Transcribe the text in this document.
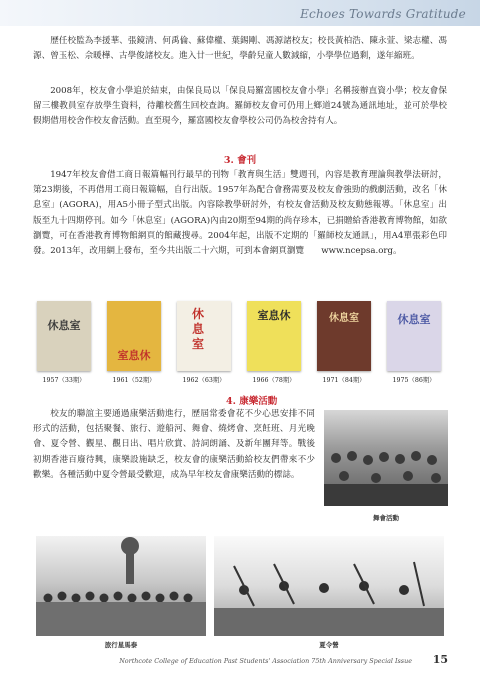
Echoes Towards Gratitude

歷任校監為李援華、張鏡清、何禹倫、蘇偉權、葉錫剛、馮源諸校友；校長黃柏浩、陳永萱、梁志權、馮源、曾玉松、佘暖樺、古學俊諸校友。進入廿一世紀，學齡兒童人數減縮，小學學位過剩，遂年縮班。

2008年，校友會小學追於結束，由保良局以「保良局羅富國校友會小學」名稱接辦直資小學；校友會保留三樓教員室存放學生資料，待離校舊生回校查詢。羅師校友會可仍用上鄉道24號為通訊地址，並可於學校假期借用校舍作校友會活動。直至現今，羅富國校友會學校公司仍為校舍持有人。

3. 會刊

1947年校友會借工商日報篇幅刊行最早的刊物「教育與生活」雙週刊，內容是教育理論與教學法研討，第23期後，不再借用工商日報篇幅，自行出版。1957年為配合會務需要及校友會強勁的戲劇活動，改名「休息室」(AGORA)，用A5小冊子型式出版。內容除教學研討外，有校友會活動及校友動態報導。「休息室」出版至九十四期停刊。如今「休息室」(AGORA)內由20期至94期的尚存珍本，已捐贈給香港教育博物館，如欲瀏覽，可在香港教育博物館網頁的館藏搜尋。2004年起，出版不定期的「羅師校友通訊」，用A4單張彩色印發。2013年，改用網上發布，至今共出版二十六期，可到本會網頁瀏覽　　www.ncepsa.org。

休息室
1957（33期）
室息休
1961（52期）
休息室
1962（63期）
室息休
1966（78期）
休息室
1971（84期）
休息室
1975（86期）
4. 康樂活動

校友的聯誼主要通過康樂活動進行，歷屆常委會花不少心思安排不同形式的活動，包括聚餐、旅行、遊船河、舞會、燒烤會、烹飪班、月光晚會、夏令營、觀星、觀日出、唱片欣賞、詩詞朗誦、及新年團拜等。戰後初期香港百廢待興，康樂設施缺乏，校友會的康樂活動給校友們帶來不少歡樂。各種活動中夏令營最受歡迎，成為早年校友會康樂活動的標誌。

舞會活動
旅行星馬泰	夏令營
Northcote College of Education Past Students' Association 75th Anniversary Special Issue 15
